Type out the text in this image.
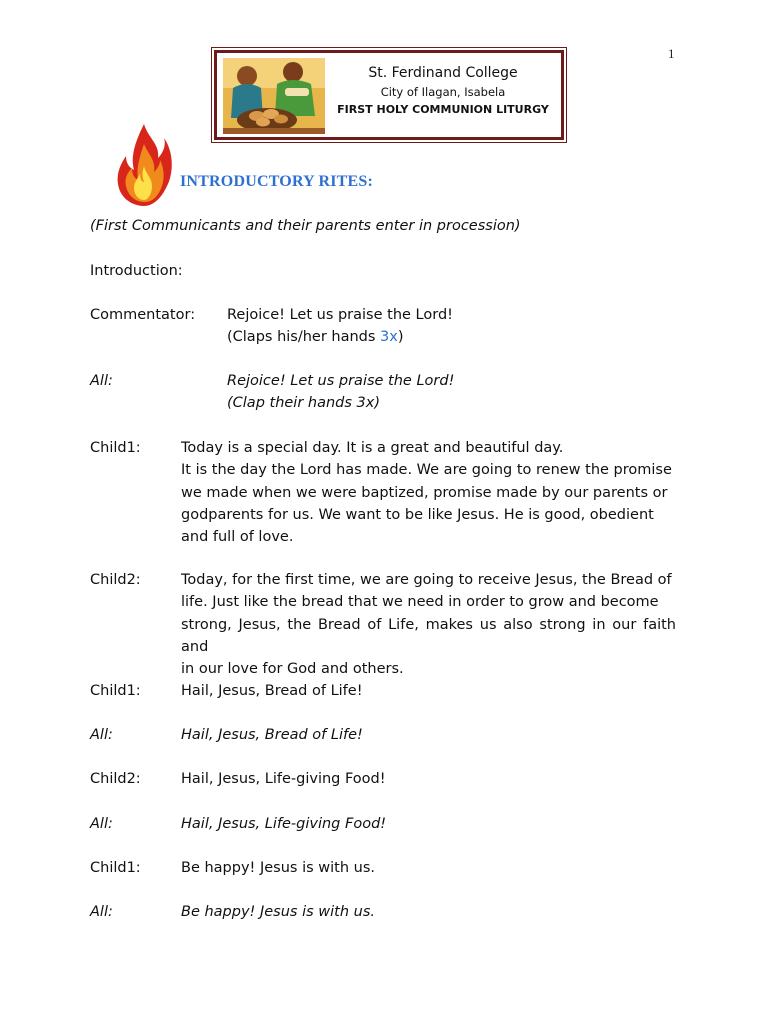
1
St. Ferdinand College
City of Ilagan, Isabela
FIRST HOLY COMMUNION LITURGY
INTRODUCTORY RITES:
(First Communicants and their parents enter in procession)
Introduction:
Commentator: Rejoice! Let us praise the Lord!
(Claps his/her hands 3x)
All:	Rejoice! Let us praise the Lord!
(Clap their hands 3x)
Child1:	Today is a special day. It is a great and beautiful day.
It is the day the Lord has made. We are going to renew the promise
we made when we were baptized, promise made by our parents or
godparents for us. We want to be like Jesus. He is good, obedient
and full of love.
Child2:	Today, for the first time, we are going to receive Jesus, the Bread of
life. Just like the bread that we need in order to grow and become
strong, Jesus, the Bread of Life, makes us also strong in our faith and
in our love for God and others.
Child1:	Hail, Jesus, Bread of Life!
All:	Hail, Jesus, Bread of Life!
Child2:	Hail, Jesus, Life-giving Food!
All:	Hail, Jesus, Life-giving Food!
Child1:	Be happy! Jesus is with us.
All:	Be happy! Jesus is with us.
